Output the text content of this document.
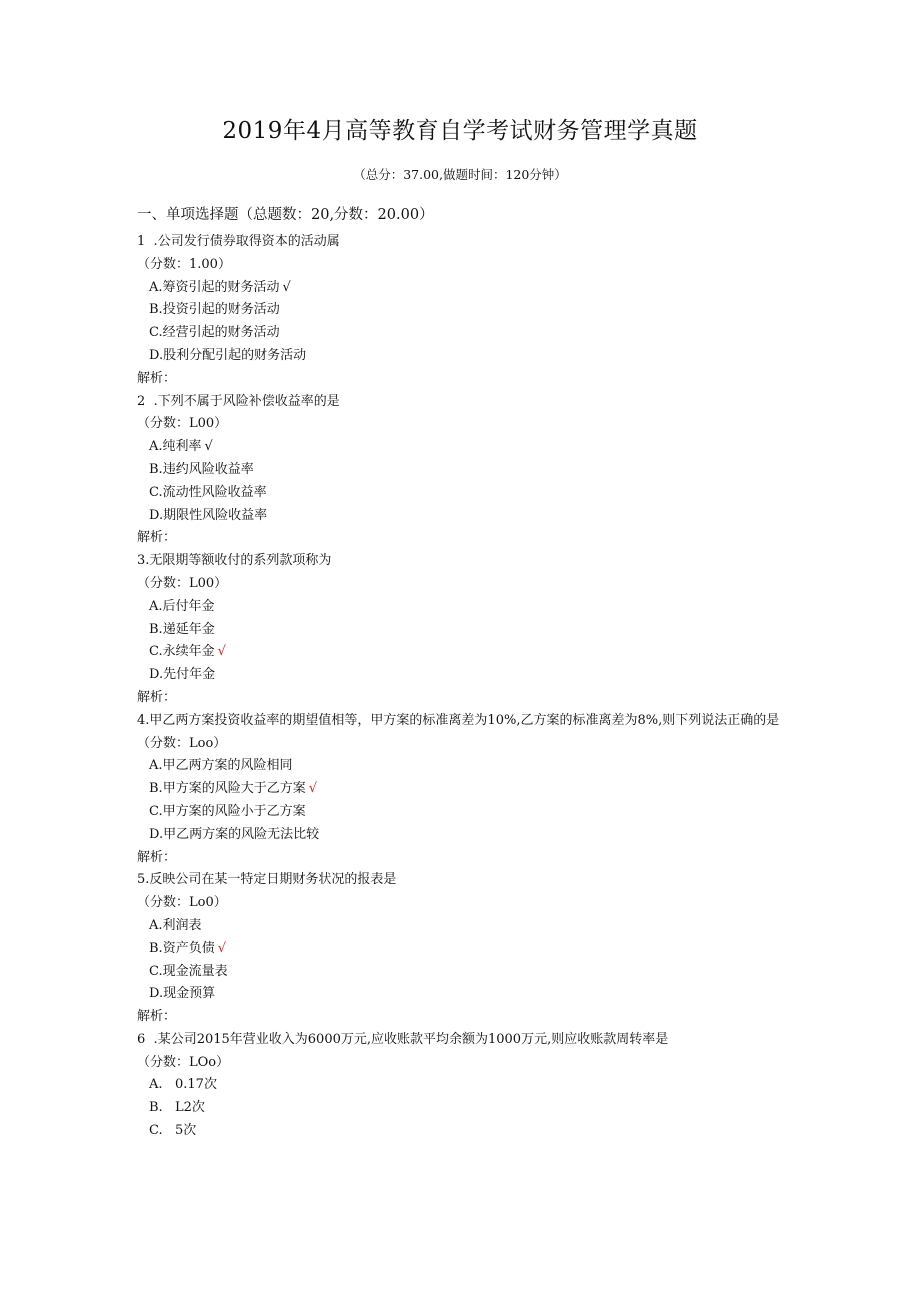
2019年4月高等教育自学考试财务管理学真题
（总分：37.00,做题时间：120分钟）
一、单项选择题（总题数：20,分数：20.00）
1  .公司发行债券取得资本的活动属
（分数：1.00）
A.筹资引起的财务活动 √
B.投资引起的财务活动
C.经营引起的财务活动
D.股利分配引起的财务活动
解析：
2  .下列不属于风险补偿收益率的是
（分数：L00）
A.纯利率 √
B.违约风险收益率
C.流动性风险收益率
D.期限性风险收益率
解析：
3.无限期等额收付的系列款项称为
（分数：L00）
A.后付年金
B.递延年金
C.永续年金 √
D.先付年金
解析：
4.甲乙两方案投资收益率的期望值相等，甲方案的标准离差为10%,乙方案的标准离差为8%,则下列说法正确的是
（分数：Loo）
A.甲乙两方案的风险相同
B.甲方案的风险大于乙方案 √
C.甲方案的风险小于乙方案
D.甲乙两方案的风险无法比较
解析：
5.反映公司在某一特定日期财务状况的报表是
（分数：Lo0）
A.利润表
B.资产负债 √
C.现金流量表
D.现金预算
解析：
6  .某公司2015年营业收入为6000万元,应收账款平均余额为1000万元,则应收账款周转率是
（分数：LOo）
A. 0.17次
B. L2次
C. 5次
